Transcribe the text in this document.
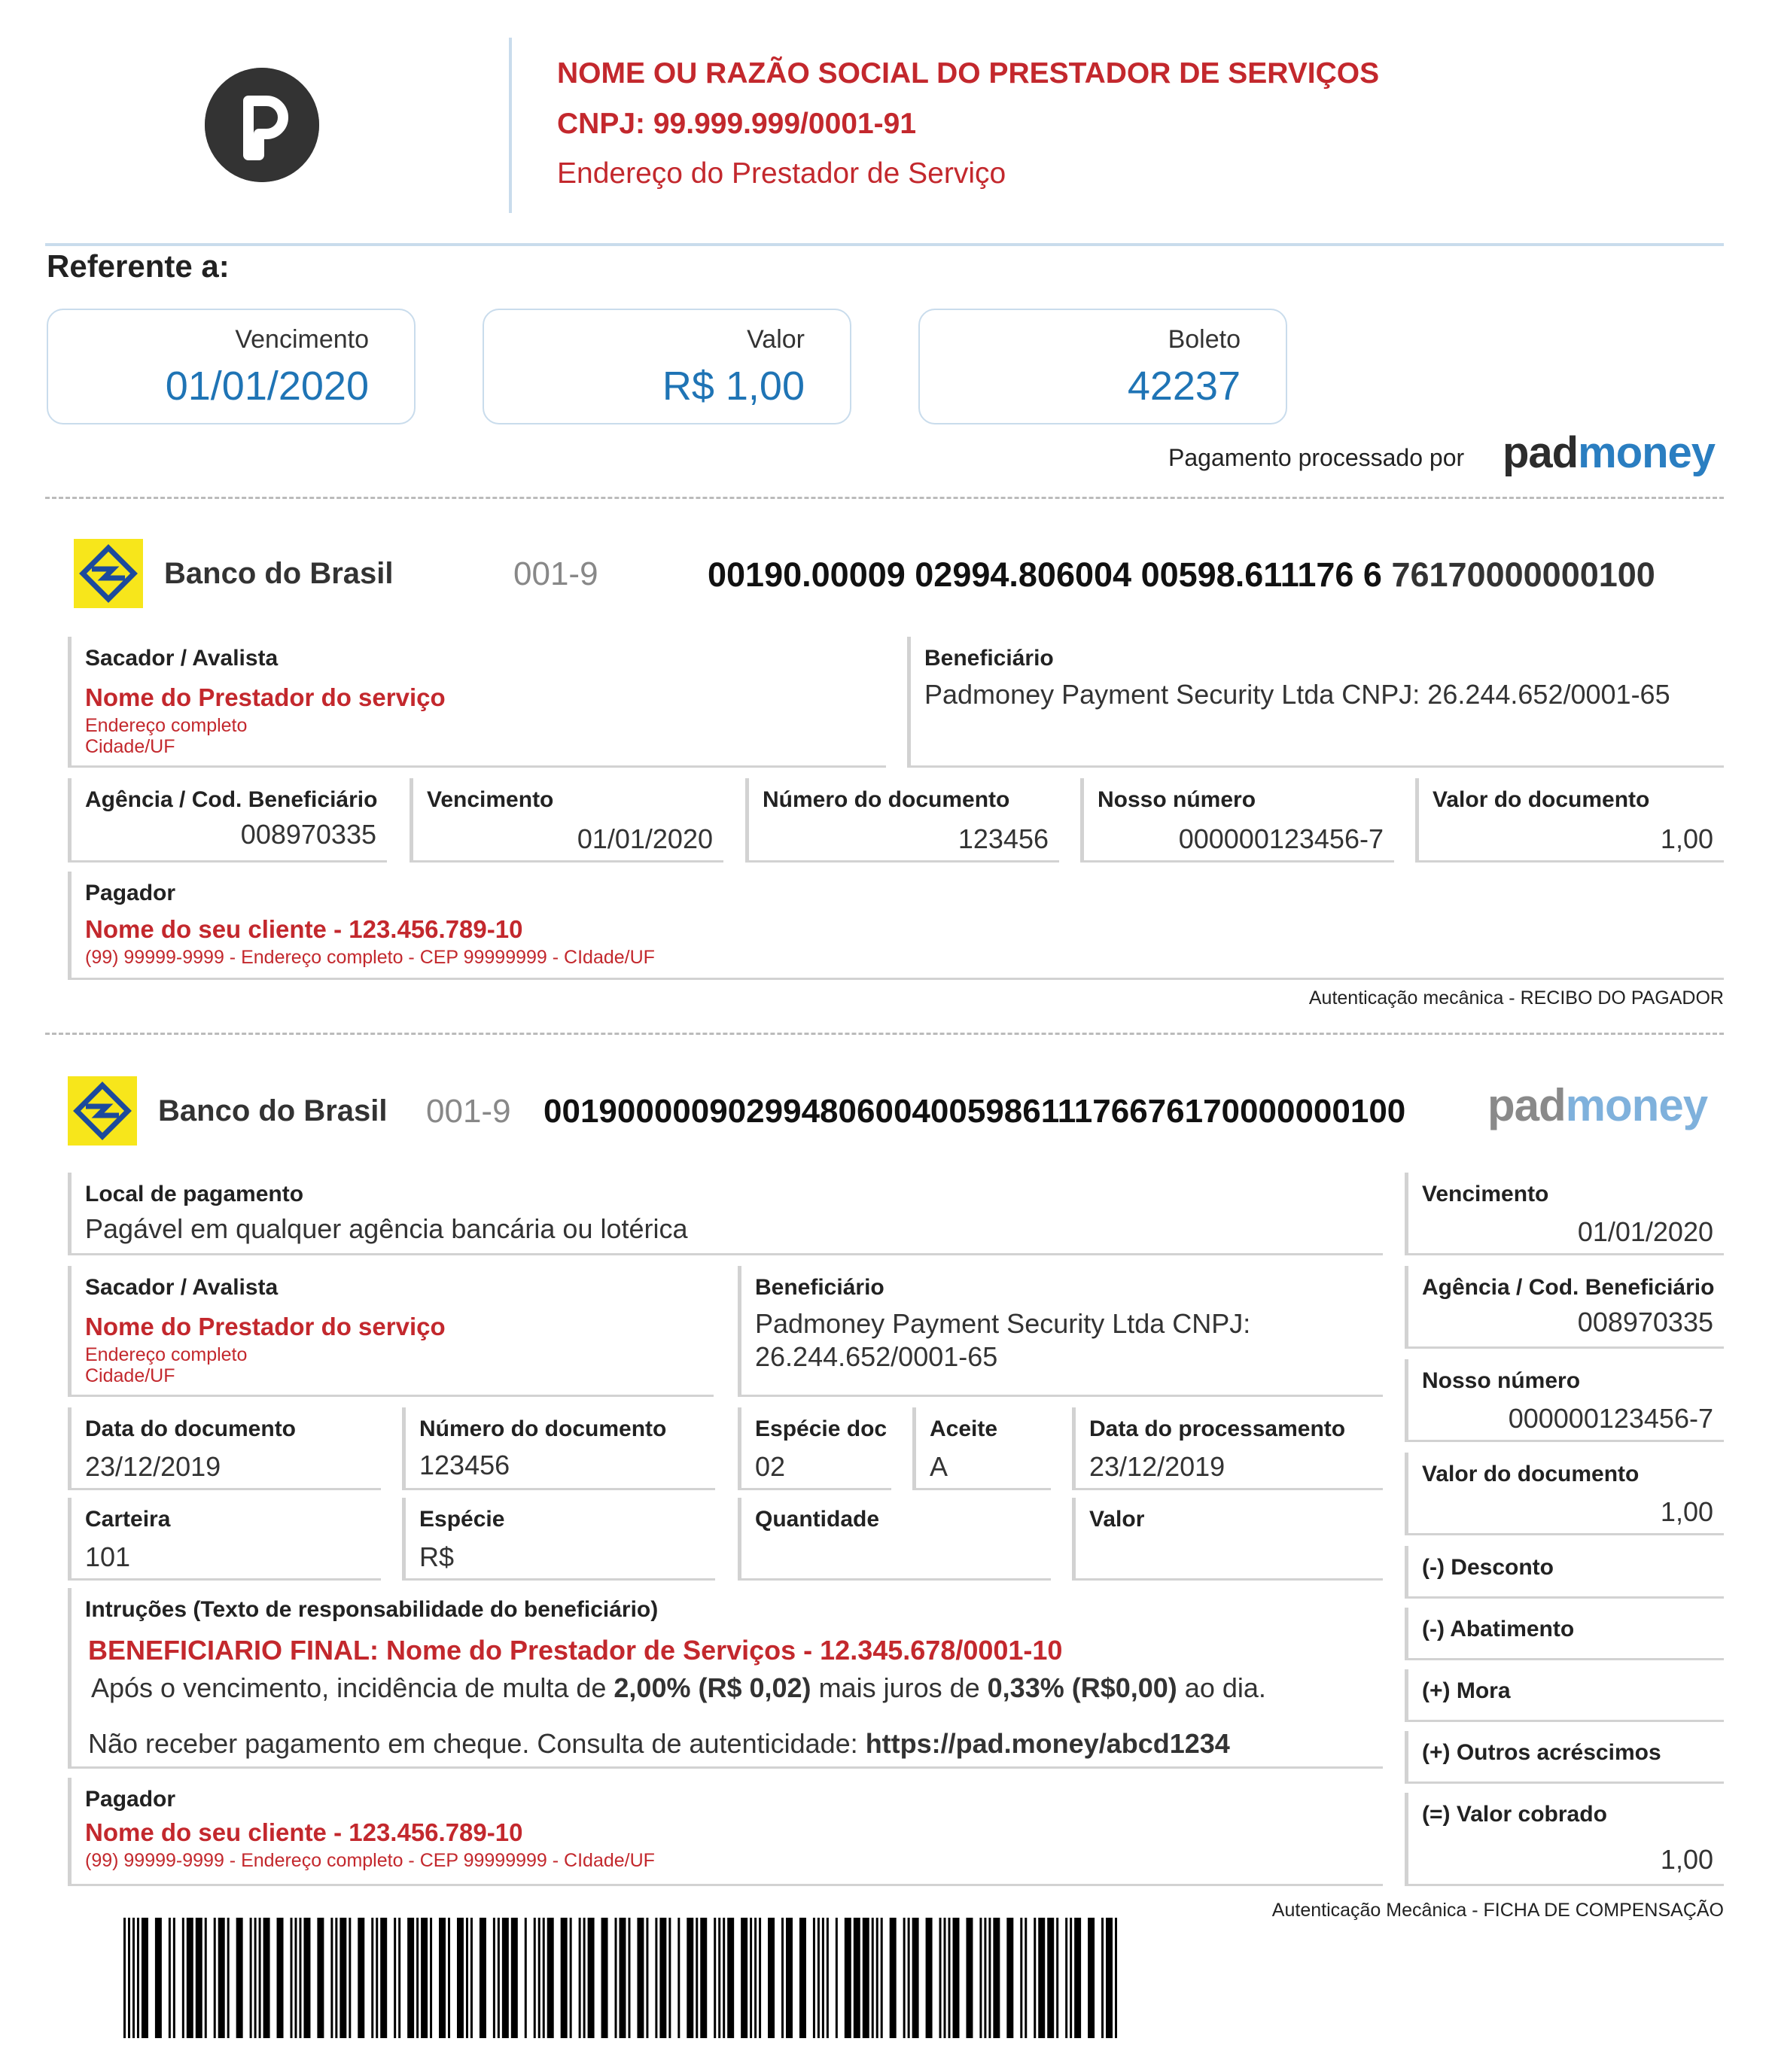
NOME OU RAZÃO SOCIAL DO PRESTADOR DE SERVIÇOS
CNPJ: 99.999.999/0001-91
Endereço do Prestador de Serviço
Referente a:
Vencimento
01/01/2020
Valor
R$ 1,00
Boleto
42237
Pagamento processado por padmoney
Banco do Brasil	001-9	00190.00009 02994.806004 00598.611176 6 76170000000100
Sacador / Avalista
Nome do Prestador do serviço
Endereço completo
Cidade/UF
Beneficiário
Padmoney Payment Security Ltda CNPJ: 26.244.652/0001-65
Agência / Cod. Beneficiário
008970335
Vencimento
01/01/2020
Número do documento
123456
Nosso número
000000123456-7
Valor do documento
1,00
Pagador
Nome do seu cliente - 123.456.789-10
(99) 99999-9999 - Endereço completo - CEP 99999999 - CIdade/UF
Autenticação mecânica - RECIBO DO PAGADOR
Banco do Brasil 001-9 00190000090299480600400598611176676170000000100 padmoney
Local de pagamento
Pagável em qualquer agência bancária ou lotérica
Sacador / Avalista
Nome do Prestador do serviço
Endereço completo
Cidade/UF
Beneficiário
Padmoney Payment Security Ltda CNPJ:
26.244.652/0001-65
Data do documento
23/12/2019
Número do documento
123456
Espécie doc
02
Aceite
A
Data do processamento
23/12/2019
Carteira
101
Espécie
R$
Quantidade	Valor
Intruções (Texto de responsabilidade do beneficiário)
BENEFICIARIO FINAL: Nome do Prestador de Serviços - 12.345.678/0001-10
Após o vencimento, incidência de multa de 2,00% (R$ 0,02) mais juros de 0,33% (R$0,00) ao dia.
Não receber pagamento em cheque. Consulta de autenticidade: https://pad.money/abcd1234
Pagador
Nome do seu cliente - 123.456.789-10
(99) 99999-9999 - Endereço completo - CEP 99999999 - CIdade/UF
Vencimento
01/01/2020
Agência / Cod. Beneficiário
008970335
Nosso número
000000123456-7
Valor do documento
1,00
(-) Desconto
(-) Abatimento
(+) Mora
(+) Outros acréscimos
(=) Valor cobrado
1,00
Autenticação Mecânica - FICHA DE COMPENSAÇÃO
